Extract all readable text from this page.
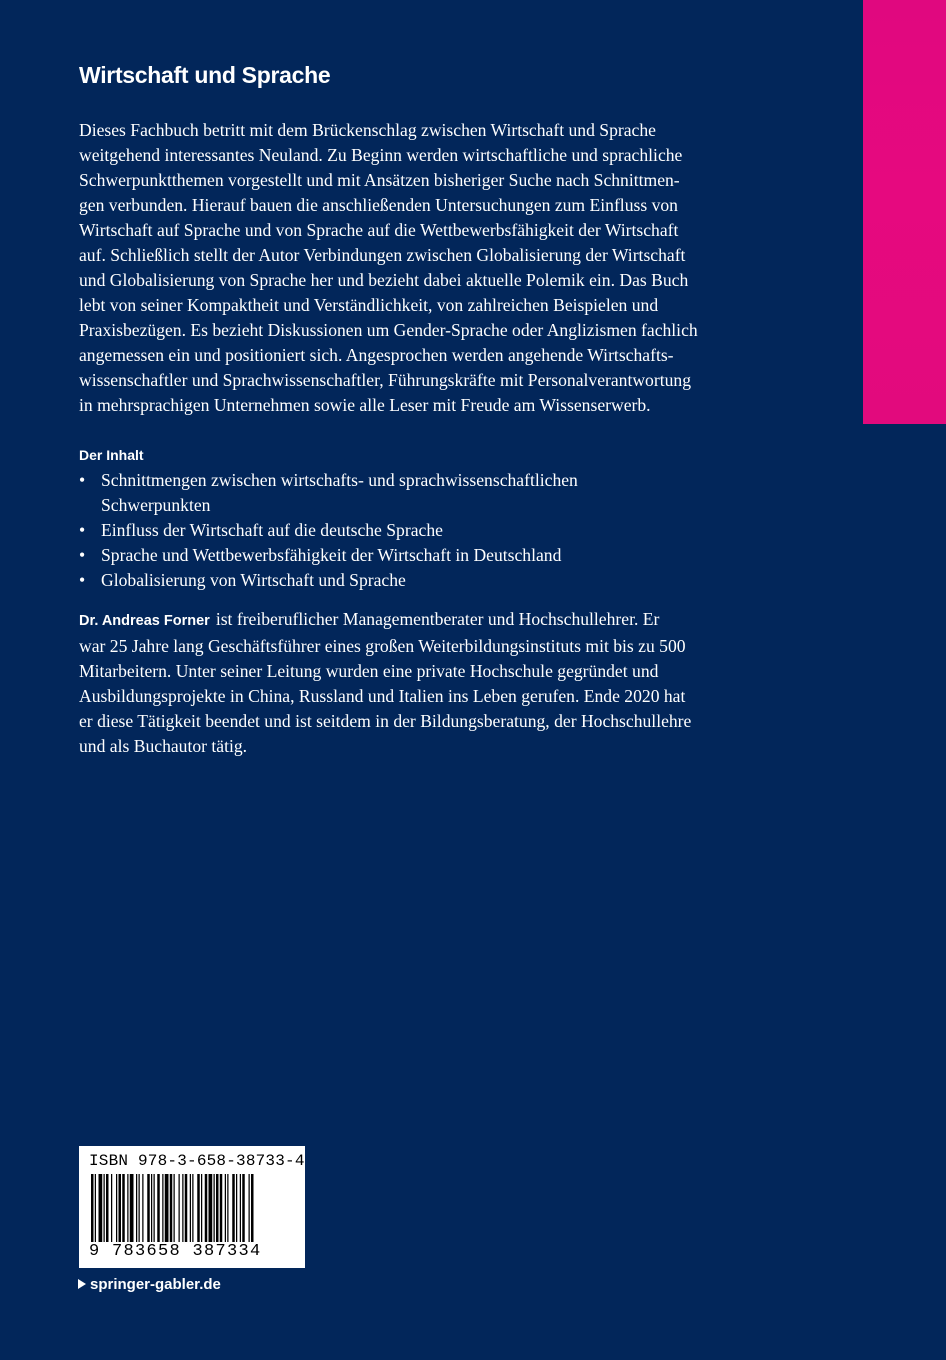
Wirtschaft und Sprache
Dieses Fachbuch betritt mit dem Brückenschlag zwischen Wirtschaft und Sprache
weitgehend interessantes Neuland. Zu Beginn werden wirtschaftliche und sprachliche
Schwerpunktthemen vorgestellt und mit Ansätzen bisheriger Suche nach Schnittmen-
gen verbunden. Hierauf bauen die anschließenden Untersuchungen zum Einfluss von
Wirtschaft auf Sprache und von Sprache auf die Wettbewerbsfähigkeit der Wirtschaft
auf. Schließlich stellt der Autor Verbindungen zwischen Globalisierung der Wirtschaft
und Globalisierung von Sprache her und bezieht dabei aktuelle Polemik ein. Das Buch
lebt von seiner Kompaktheit und Verständlichkeit, von zahlreichen Beispielen und
Praxisbezügen. Es bezieht Diskussionen um Gender-Sprache oder Anglizismen fachlich
angemessen ein und positioniert sich. Angesprochen werden angehende Wirtschafts-
wissenschaftler und Sprachwissenschaftler, Führungskräfte mit Personalverantwortung
in mehrsprachigen Unternehmen sowie alle Leser mit Freude am Wissenserwerb.
Der Inhalt
• Schnittmengen zwischen wirtschafts- und sprachwissenschaftlichen
Schwerpunkten
• Einfluss der Wirtschaft auf die deutsche Sprache
• Sprache und Wettbewerbsfähigkeit der Wirtschaft in Deutschland
• Globalisierung von Wirtschaft und Sprache
Dr. Andreas Forner ist freiberuflicher Managementberater und Hochschullehrer. Er
war 25 Jahre lang Geschäftsführer eines großen Weiterbildungsinstituts mit bis zu 500
Mitarbeitern. Unter seiner Leitung wurden eine private Hochschule gegründet und
Ausbildungsprojekte in China, Russland und Italien ins Leben gerufen. Ende 2020 hat
er diese Tätigkeit beendet und ist seitdem in der Bildungsberatung, der Hochschullehre
und als Buchautor tätig.
ISBN 978-3-658-38733-4
9 783658 387334
springer-gabler.de
